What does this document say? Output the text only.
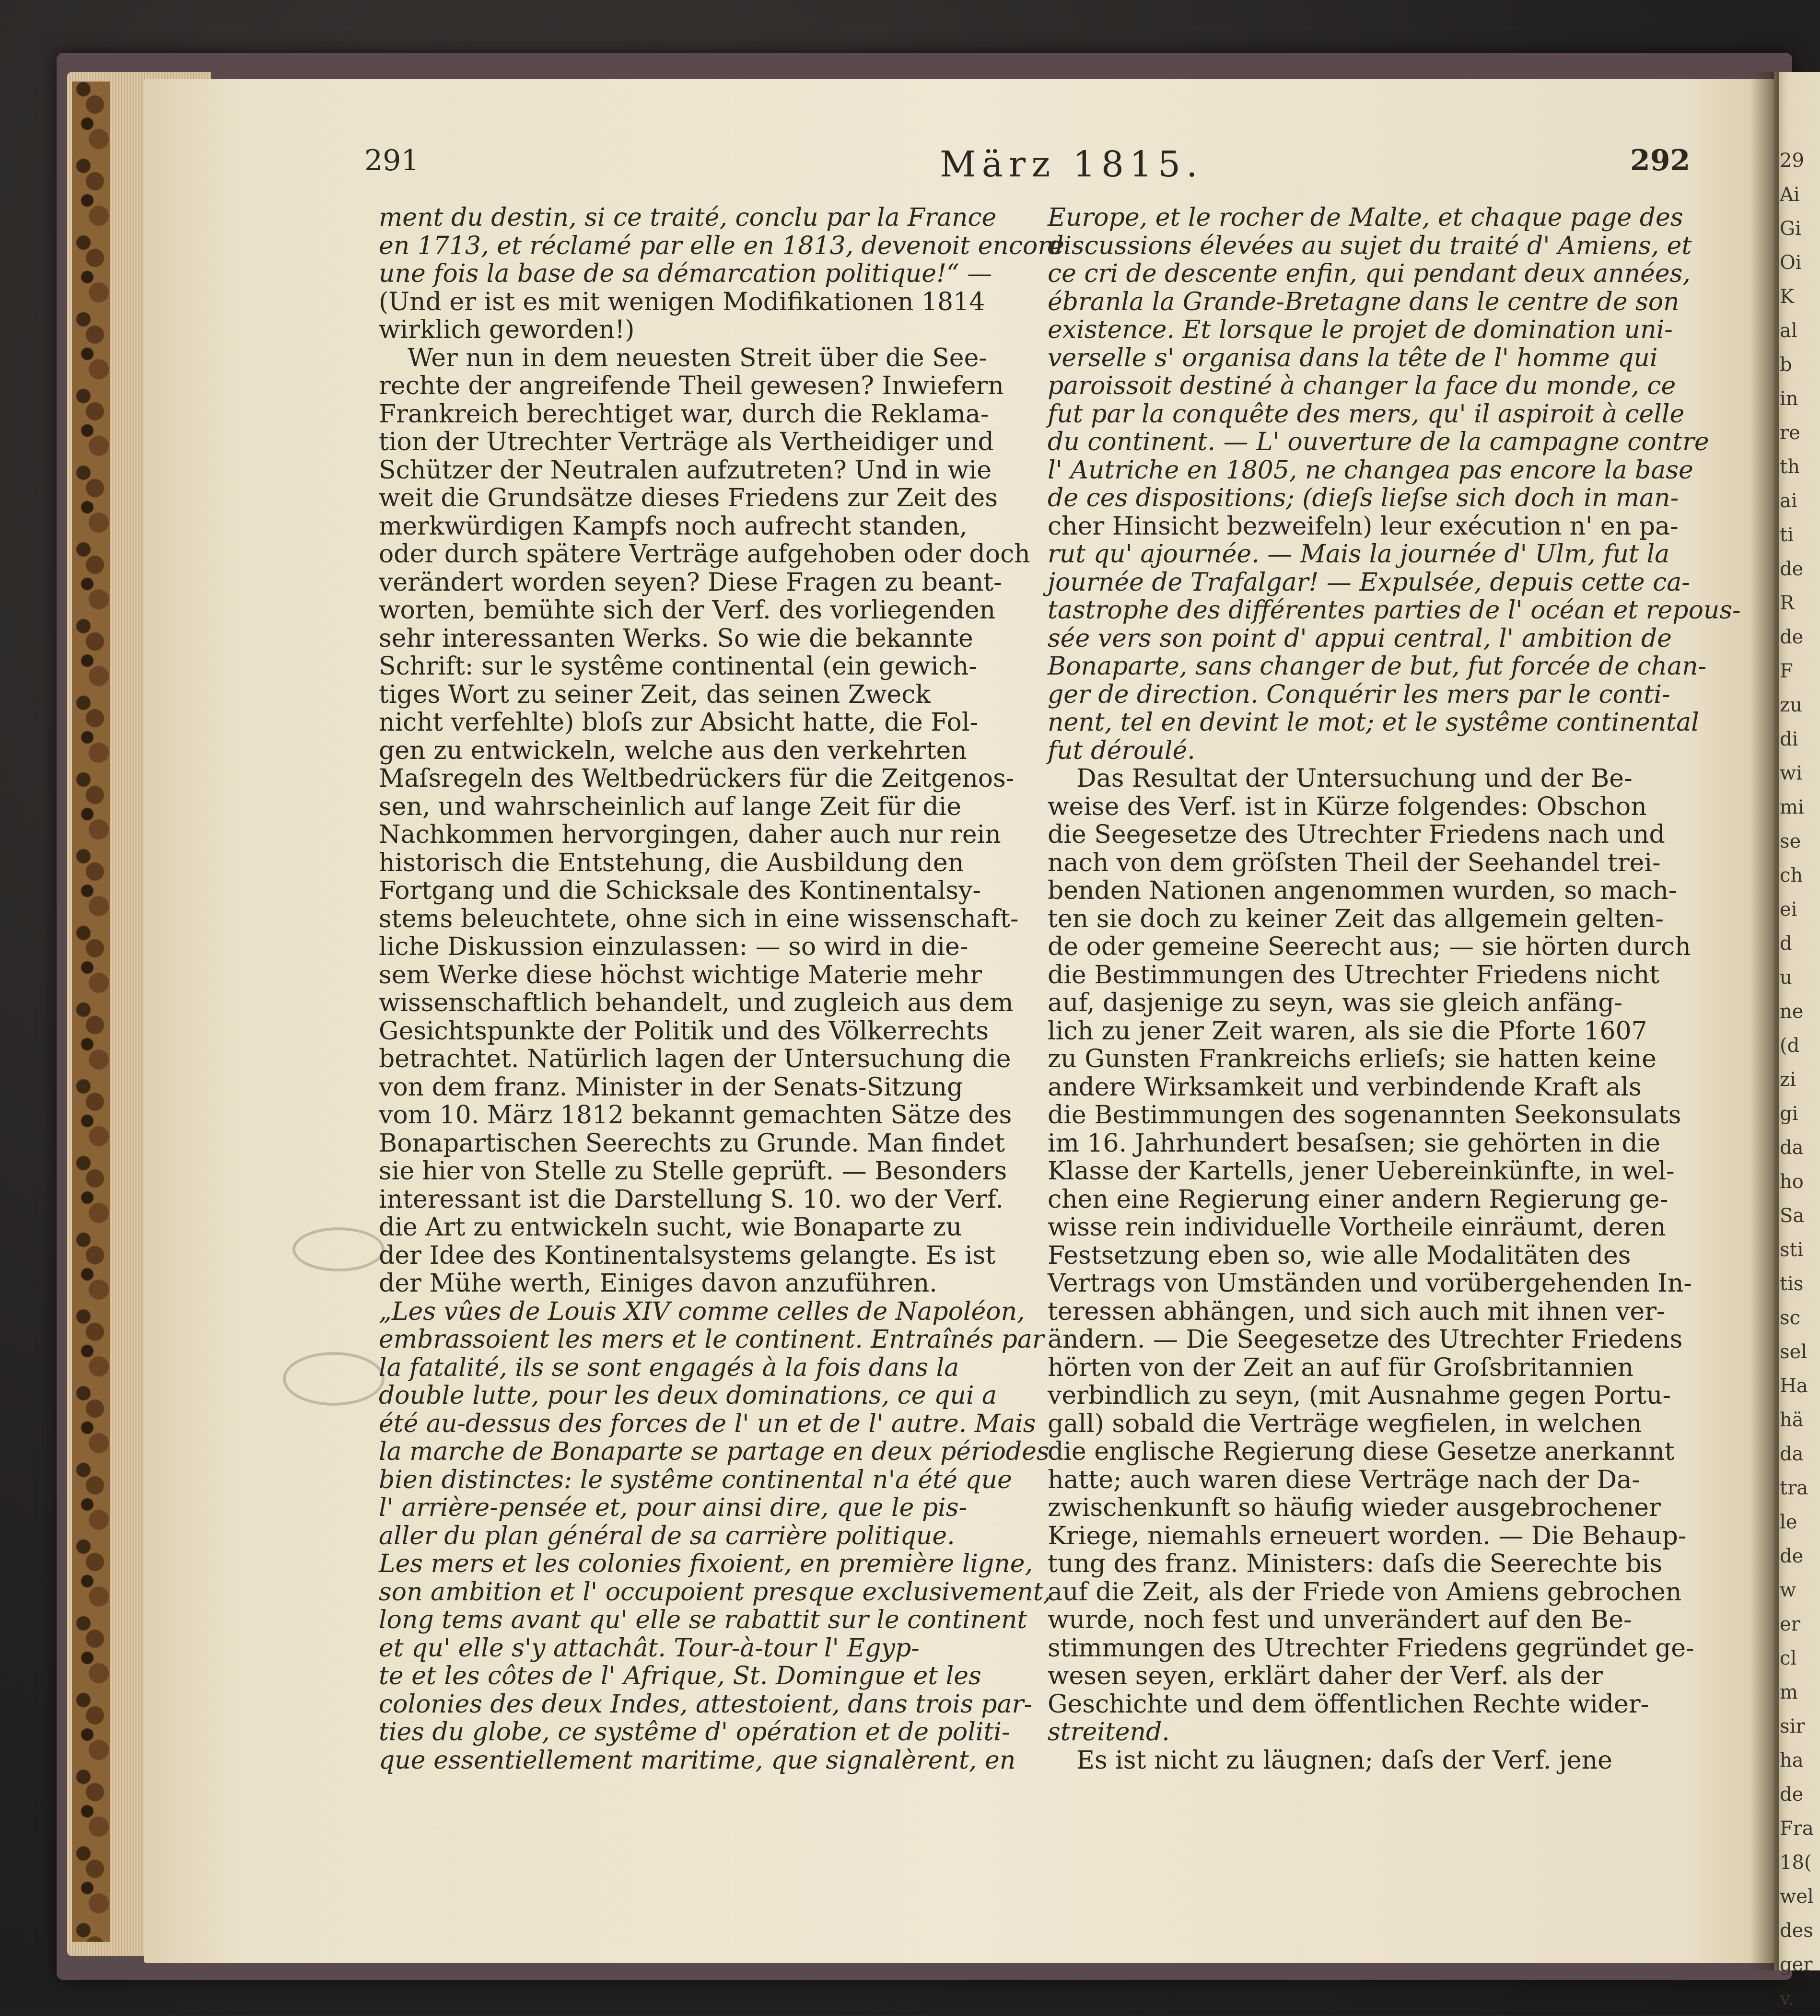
29
Ai
Gi
Oi
K
al
b
in
re
th
ai
ti
de
R
de
F
zu
di
wi
mi
se
ch
ei
d
u
ne
(d
zi
gi
da
ho
Sa
sti
tis
sc
sel
Ha
hä
da
tra
le
de
w
er
cl
m
sir
ha
de
Fra
18(
wel
des
ger
v.
291	März 1815.	292
ment du destin, si ce traité, conclu par la France
en 1713, et réclamé par elle en 1813, devenoit encore
une fois la base de sa démarcation politique!“ —
(Und er ist es mit wenigen Modifikationen 1814
wirklich geworden!)
Wer nun in dem neuesten Streit über die See-
rechte der angreifende Theil gewesen? Inwiefern
Frankreich berechtiget war, durch die Reklama-
tion der Utrechter Verträge als Vertheidiger und
Schützer der Neutralen aufzutreten? Und in wie
weit die Grundsätze dieses Friedens zur Zeit des
merkwürdigen Kampfs noch aufrecht standen,
oder durch spätere Verträge aufgehoben oder doch
verändert worden seyen? Diese Fragen zu beant-
worten, bemühte sich der Verf. des vorliegenden
sehr interessanten Werks. So wie die bekannte
Schrift: sur le systême continental (ein gewich-
tiges Wort zu seiner Zeit, das seinen Zweck
nicht verfehlte) bloſs zur Absicht hatte, die Fol-
gen zu entwickeln, welche aus den verkehrten
Maſsregeln des Weltbedrückers für die Zeitgenos-
sen, und wahrscheinlich auf lange Zeit für die
Nachkommen hervorgingen, daher auch nur rein
historisch die Entstehung, die Ausbildung den
Fortgang und die Schicksale des Kontinentalsy-
stems beleuchtete, ohne sich in eine wissenschaft-
liche Diskussion einzulassen: — so wird in die-
sem Werke diese höchst wichtige Materie mehr
wissenschaftlich behandelt, und zugleich aus dem
Gesichtspunkte der Politik und des Völkerrechts
betrachtet. Natürlich lagen der Untersuchung die
von dem franz. Minister in der Senats-Sitzung
vom 10. März 1812 bekannt gemachten Sätze des
Bonapartischen Seerechts zu Grunde. Man findet
sie hier von Stelle zu Stelle geprüft. — Besonders
interessant ist die Darstellung S. 10. wo der Verf.
die Art zu entwickeln sucht, wie Bonaparte zu
der Idee des Kontinentalsystems gelangte. Es ist
der Mühe werth, Einiges davon anzuführen.
„Les vûes de Louis XIV comme celles de Napoléon,
embrassoient les mers et le continent. Entraînés par
la fatalité, ils se sont engagés à la fois dans la
double lutte, pour les deux dominations, ce qui a
été au-dessus des forces de l' un et de l' autre. Mais
la marche de Bonaparte se partage en deux périodes
bien distinctes: le systême continental n'a été que
l' arrière-pensée et, pour ainsi dire, que le pis-
aller du plan général de sa carrière politique.
Les mers et les colonies fixoient, en première ligne,
son ambition et l' occupoient presque exclusivement,
long tems avant qu' elle se rabattit sur le continent
et qu' elle s'y attachât. Tour-à-tour l' Egyp-
te et les côtes de l' Afrique, St. Domingue et les
colonies des deux Indes, attestoient, dans trois par-
ties du globe, ce systême d' opération et de politi-
que essentiellement maritime, que signalèrent, en
Europe, et le rocher de Malte, et chaque page des
discussions élevées au sujet du traité d' Amiens, et
ce cri de descente enfin, qui pendant deux années,
ébranla la Grande-Bretagne dans le centre de son
existence. Et lorsque le projet de domination uni-
verselle s' organisa dans la tête de l' homme qui
paroissoit destiné à changer la face du monde, ce
fut par la conquête des mers, qu' il aspiroit à celle
du continent. — L' ouverture de la campagne contre
l' Autriche en 1805, ne changea pas encore la base
de ces dispositions; (dieſs lieſse sich doch in man-
cher Hinsicht bezweifeln) leur exécution n' en pa-
rut qu' ajournée. — Mais la journée d' Ulm, fut la
journée de Trafalgar! — Expulsée, depuis cette ca-
tastrophe des différentes parties de l' océan et repous-
sée vers son point d' appui central, l' ambition de
Bonaparte, sans changer de but, fut forcée de chan-
ger de direction. Conquérir les mers par le conti-
nent, tel en devint le mot; et le systême continental
fut déroulé.
Das Resultat der Untersuchung und der Be-
weise des Verf. ist in Kürze folgendes: Obschon
die Seegesetze des Utrechter Friedens nach und
nach von dem gröſsten Theil der Seehandel trei-
benden Nationen angenommen wurden, so mach-
ten sie doch zu keiner Zeit das allgemein gelten-
de oder gemeine Seerecht aus; — sie hörten durch
die Bestimmungen des Utrechter Friedens nicht
auf, dasjenige zu seyn, was sie gleich anfäng-
lich zu jener Zeit waren, als sie die Pforte 1607
zu Gunsten Frankreichs erlieſs; sie hatten keine
andere Wirksamkeit und verbindende Kraft als
die Bestimmungen des sogenannten Seekonsulats
im 16. Jahrhundert besaſsen; sie gehörten in die
Klasse der Kartells, jener Uebereinkünfte, in wel-
chen eine Regierung einer andern Regierung ge-
wisse rein individuelle Vortheile einräumt, deren
Festsetzung eben so, wie alle Modalitäten des
Vertrags von Umständen und vorübergehenden In-
teressen abhängen, und sich auch mit ihnen ver-
ändern. — Die Seegesetze des Utrechter Friedens
hörten von der Zeit an auf für Groſsbritannien
verbindlich zu seyn, (mit Ausnahme gegen Portu-
gall) sobald die Verträge wegfielen, in welchen
die englische Regierung diese Gesetze anerkannt
hatte; auch waren diese Verträge nach der Da-
zwischenkunft so häufig wieder ausgebrochener
Kriege, niemahls erneuert worden. — Die Behaup-
tung des franz. Ministers: daſs die Seerechte bis
auf die Zeit, als der Friede von Amiens gebrochen
wurde, noch fest und unverändert auf den Be-
stimmungen des Utrechter Friedens gegründet ge-
wesen seyen, erklärt daher der Verf. als der
Geschichte und dem öffentlichen Rechte wider-
streitend.
Es ist nicht zu läugnen; daſs der Verf. jene
